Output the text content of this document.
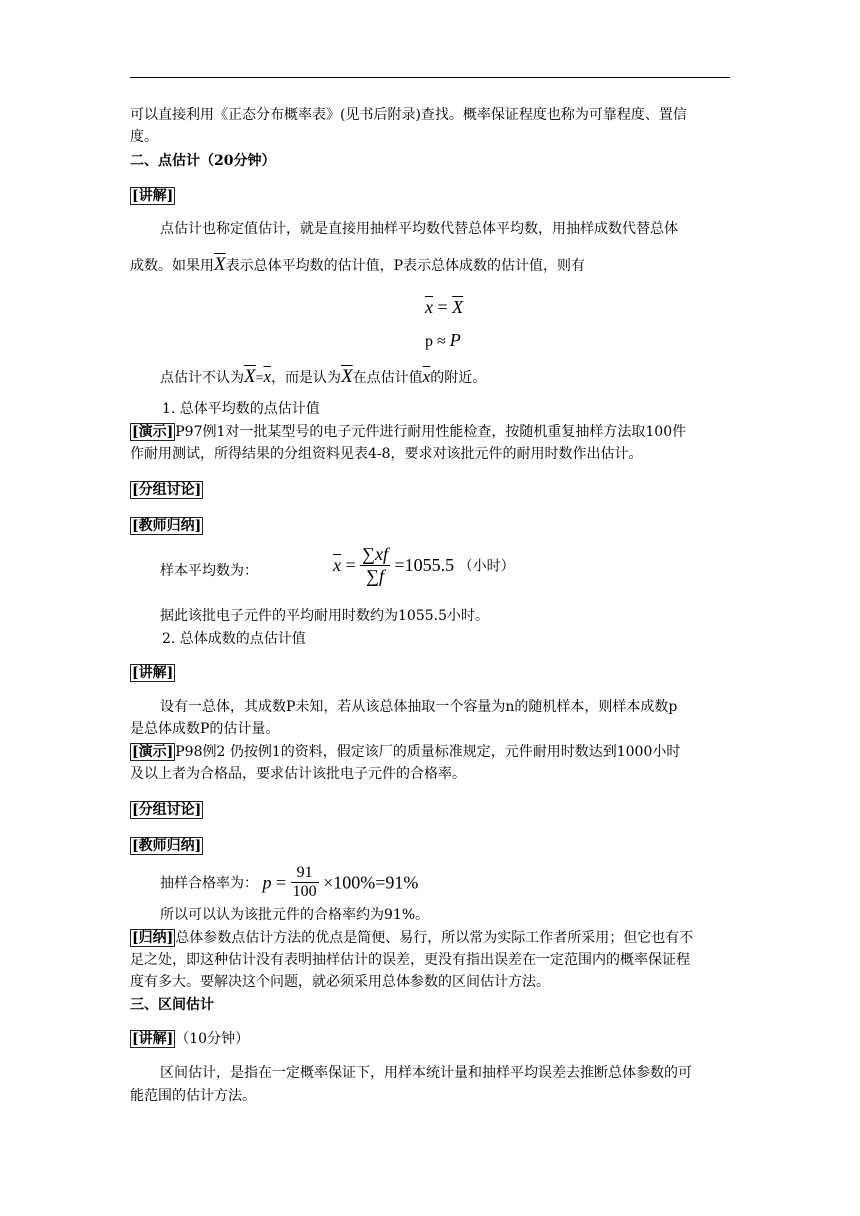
可以直接利用《正态分布概率表》(见书后附录)查找。概率保证程度也称为可靠程度、置信
度。
二、点估计（20分钟）
[讲解]
点估计也称定值估计，就是直接用抽样平均数代替总体平均数，用抽样成数代替总体
成数。如果用$\overline{X}$表示总体平均数的估计值，P表示总体成数的估计值，则有
$\overline{x} = \overline{X}$
p ≈ P
点估计不认为$\overline{X}=\overline{x}$，而是认为$\overline{X}$在点估计值$\overline{x}$的附近。
1. 总体平均数的点估计值
[演示] P97例1对一批某型号的电子元件进行耐用性能检查，按随机重复抽样方法取100件
作耐用测试，所得结果的分组资料见表4-8，要求对该批元件的耐用时数作出估计。
[分组讨论]
[教师归纳]
样本平均数为：	$\overline{x} = \frac{\sum xf}{\sum f} =1055.5$ （小时）
据此该批电子元件的平均耐用时数约为1055.5小时。
2. 总体成数的点估计值
[讲解]
设有一总体，其成数P未知，若从该总体抽取一个容量为n的随机样本，则样本成数p
是总体成数P的估计量。
[演示] P98例2 仍按例1的资料，假定该厂的质量标准规定，元件耐用时数达到1000小时
及以上者为合格品，要求估计该批电子元件的合格率。
[分组讨论]
[教师归纳]
抽样合格率为： $p = \frac{91}{100} \times 100\%=91\%$
所以可以认为该批元件的合格率约为91%。
[归纳] 总体参数点估计方法的优点是简便、易行，所以常为实际工作者所采用；但它也有不
足之处，即这种估计没有表明抽样估计的误差，更没有指出误差在一定范围内的概率保证程
度有多大。要解决这个问题，就必须采用总体参数的区间估计方法。
三、区间估计
[讲解] （10分钟）
区间估计，是指在一定概率保证下，用样本统计量和抽样平均误差去推断总体参数的可
能范围的估计方法。
